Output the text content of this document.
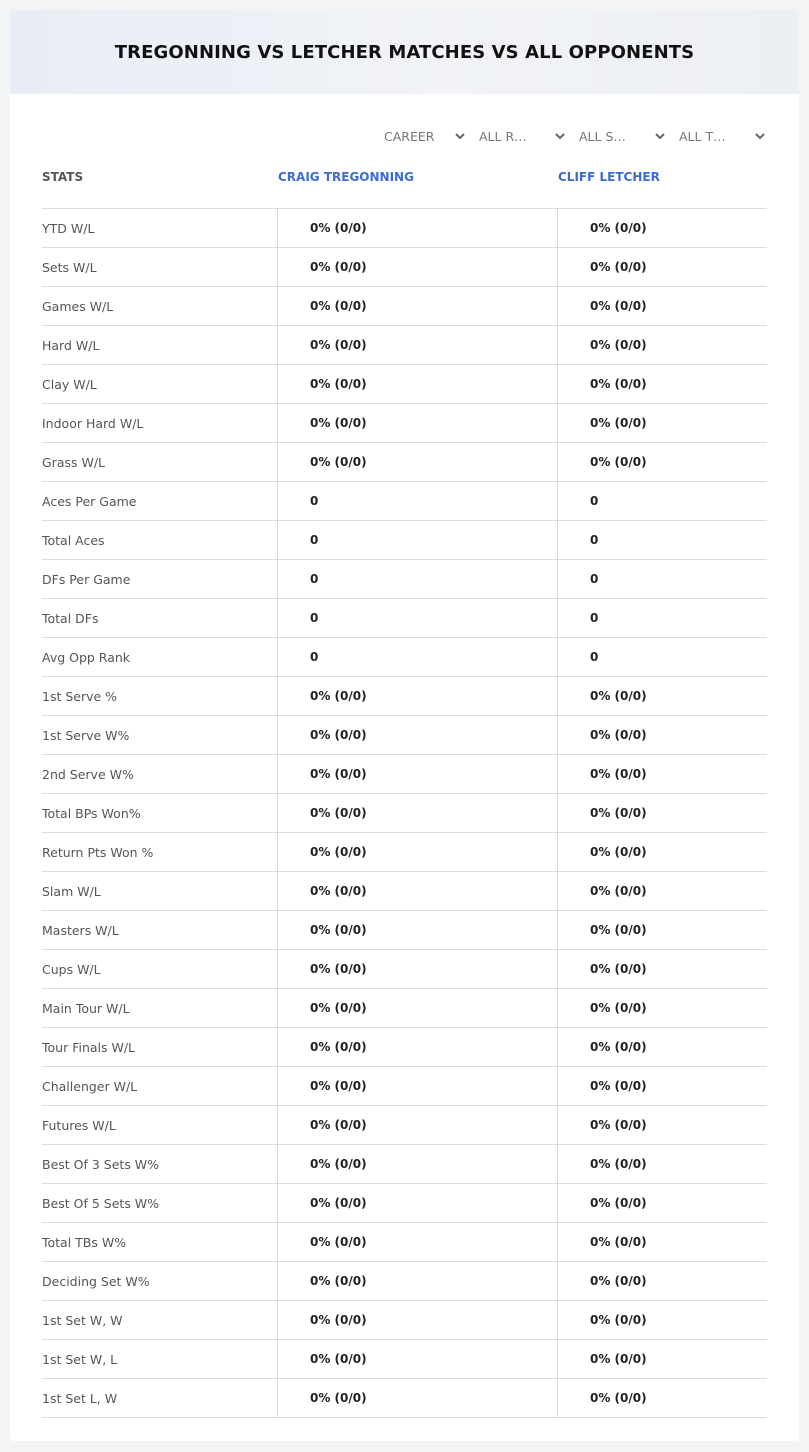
TREGONNING VS LETCHER MATCHES VS ALL OPPONENTS
CAREER	ALL R…	ALL S…	ALL T…
STATS	CRAIG TREGONNING	CLIFF LETCHER
YTD W/L	0% (0/0)	0% (0/0)
Sets W/L	0% (0/0)	0% (0/0)
Games W/L	0% (0/0)	0% (0/0)
Hard W/L	0% (0/0)	0% (0/0)
Clay W/L	0% (0/0)	0% (0/0)
Indoor Hard W/L	0% (0/0)	0% (0/0)
Grass W/L	0% (0/0)	0% (0/0)
Aces Per Game	0	0
Total Aces	0	0
DFs Per Game	0	0
Total DFs	0	0
Avg Opp Rank	0	0
1st Serve %	0% (0/0)	0% (0/0)
1st Serve W%	0% (0/0)	0% (0/0)
2nd Serve W%	0% (0/0)	0% (0/0)
Total BPs Won%	0% (0/0)	0% (0/0)
Return Pts Won %	0% (0/0)	0% (0/0)
Slam W/L	0% (0/0)	0% (0/0)
Masters W/L	0% (0/0)	0% (0/0)
Cups W/L	0% (0/0)	0% (0/0)
Main Tour W/L	0% (0/0)	0% (0/0)
Tour Finals W/L	0% (0/0)	0% (0/0)
Challenger W/L	0% (0/0)	0% (0/0)
Futures W/L	0% (0/0)	0% (0/0)
Best Of 3 Sets W%	0% (0/0)	0% (0/0)
Best Of 5 Sets W%	0% (0/0)	0% (0/0)
Total TBs W%	0% (0/0)	0% (0/0)
Deciding Set W%	0% (0/0)	0% (0/0)
1st Set W, W	0% (0/0)	0% (0/0)
1st Set W, L	0% (0/0)	0% (0/0)
1st Set L, W	0% (0/0)	0% (0/0)
